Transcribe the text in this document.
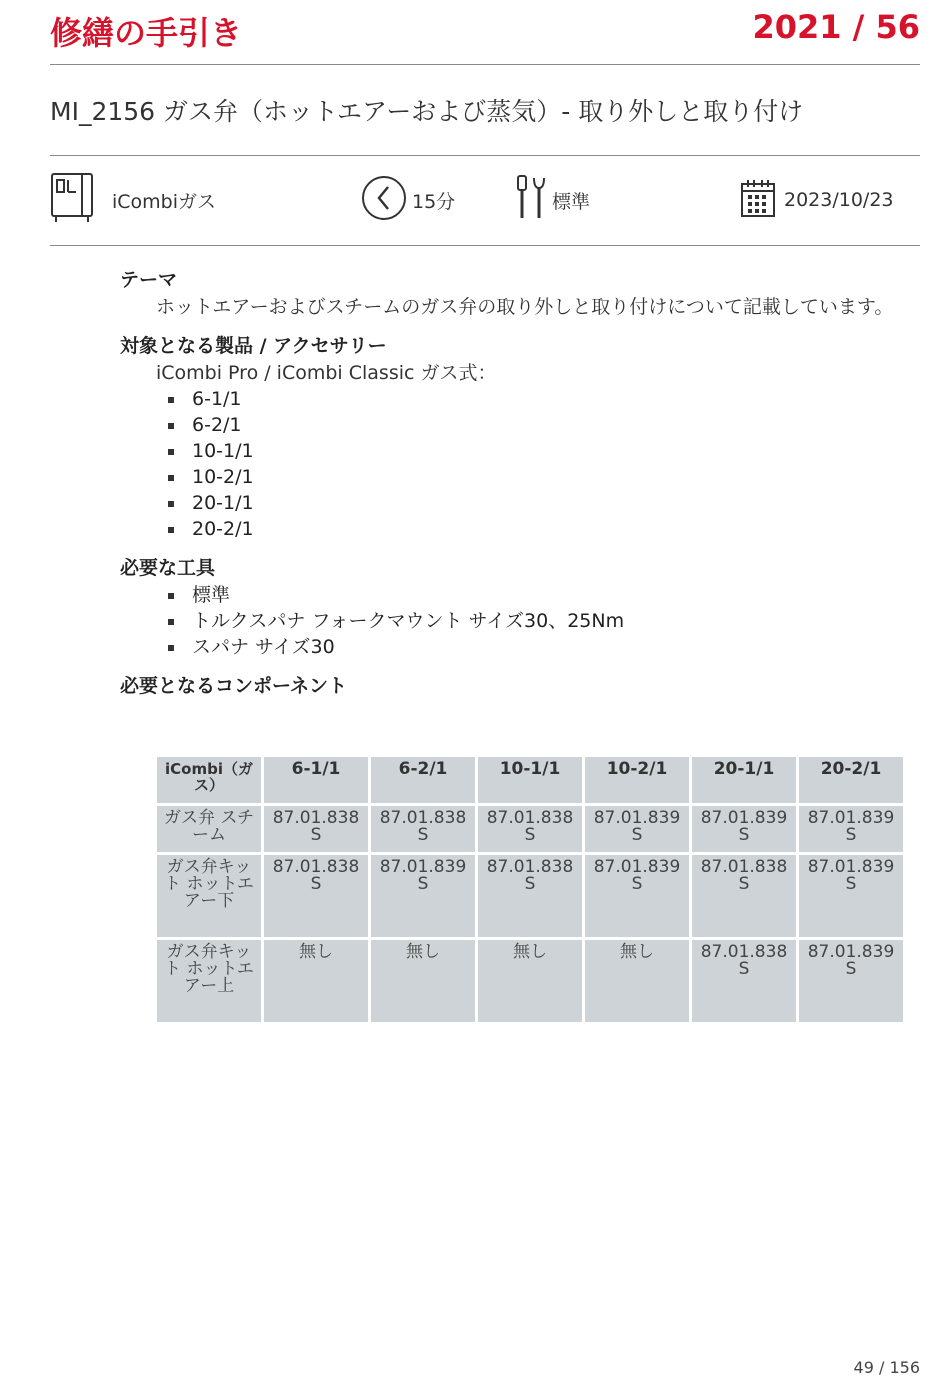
修繕の手引き	2021 / 56
MI_2156 ガス弁（ホットエアーおよび蒸気）- 取り外しと取り付け
iCombiガス	15分	標準	2023/10/23
テーマ
ホットエアーおよびスチームのガス弁の取り外しと取り付けについて記載しています。
対象となる製品 / アクセサリー
iCombi Pro / iCombi Classic ガス式：
6-1/1
6-2/1
10-1/1
10-2/1
20-1/1
20-2/1
必要な工具
標準
トルクスパナ フォークマウント サイズ30、25Nm
スパナ サイズ30
必要となるコンポーネント
iCombi（ガス）	6-1/1	6-2/1	10-1/1	10-2/1	20-1/1	20-2/1
ガス弁 スチーム	87.01.838 S	87.01.838 S	87.01.838 S	87.01.839 S	87.01.839 S	87.01.839 S
ガス弁キット ホットエアー下	87.01.838 S	87.01.839 S	87.01.838 S	87.01.839 S	87.01.838 S	87.01.839 S
ガス弁キット ホットエアー上	無し	無し	無し	無し	87.01.838 S	87.01.839 S
49 / 156
